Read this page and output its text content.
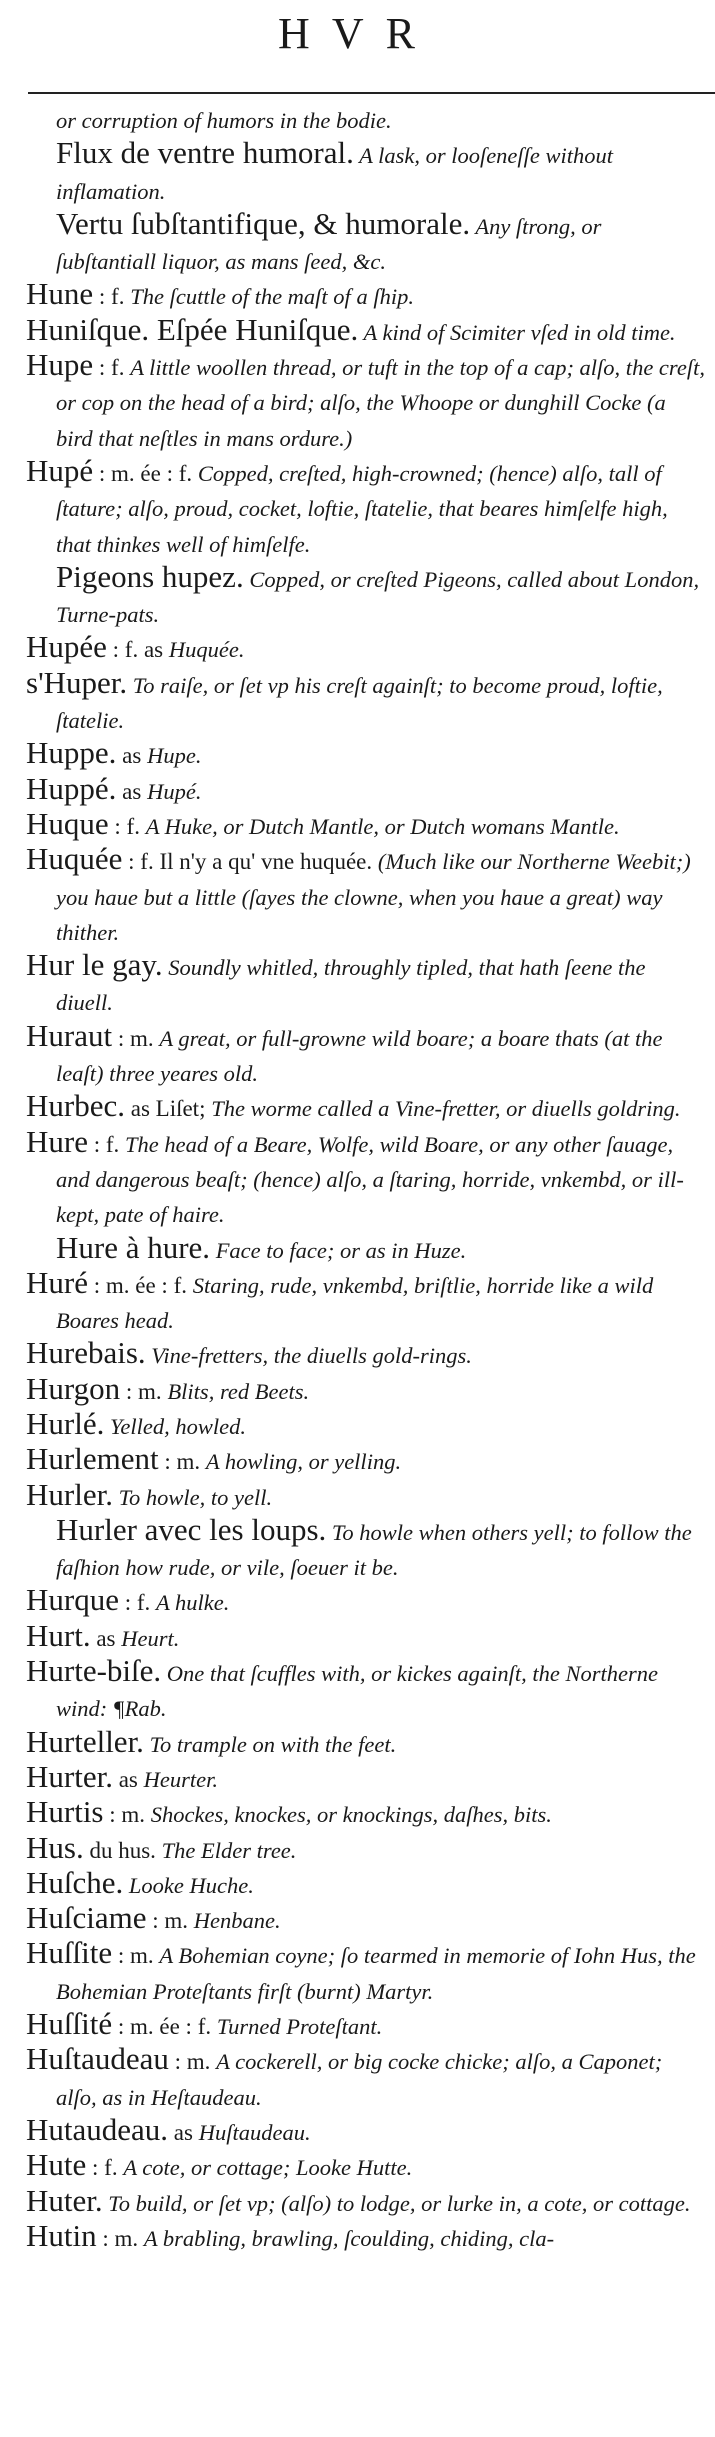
HVR

or corruption of humors in the bodie.

Flux de ventre humoral. A lask, or looſeneſſe without inflamation.

Vertu ſubſtantifique, & humorale. Any ſtrong, or ſubſtantiall liquor, as mans ſeed, &c.

Hune : f. The ſcuttle of the maſt of a ſhip.

Huniſque. Eſpée Huniſque. A kind of Scimiter vſed in old time.

Hupe : f. A little woollen thread, or tuft in the top of a cap; alſo, the creſt, or cop on the head of a bird; alſo, the Whoope or dunghill Cocke (a bird that neſtles in mans ordure.)

Hupé : m. ée : f. Copped, creſted, high-crowned; (hence) alſo, tall of ſtature; alſo, proud, cocket, loftie, ſtatelie, that beares himſelfe high, that thinkes well of himſelfe.

Pigeons hupez. Copped, or creſted Pigeons, called about London, Turne-pats.

Hupée : f. as Huquée.

s'Huper. To raiſe, or ſet vp his creſt againſt; to become proud, loftie, ſtatelie.

Huppe. as Hupe.

Huppé. as Hupé.

Huque : f. A Huke, or Dutch Mantle, or Dutch womans Mantle.

Huquée : f. Il n'y a qu' vne huquée. (Much like our Northerne Weebit;) you haue but a little (ſayes the clowne, when you haue a great) way thither.

Hur le gay. Soundly whitled, throughly tipled, that hath ſeene the diuell.

Huraut : m. A great, or full-growne wild boare; a boare thats (at the leaſt) three yeares old.

Hurbec. as Liſet; The worme called a Vine-fretter, or diuells goldring.

Hure : f. The head of a Beare, Wolfe, wild Boare, or any other ſauage, and dangerous beaſt; (hence) alſo, a ſtaring, horride, vnkembd, or ill-kept, pate of haire.

Hure à hure. Face to face; or as in Huze.

Huré : m. ée : f. Staring, rude, vnkembd, briſtlie, horride like a wild Boares head.

Hurebais. Vine-fretters, the diuells gold-rings.

Hurgon : m. Blits, red Beets.

Hurlé. Yelled, howled.

Hurlement : m. A howling, or yelling.

Hurler. To howle, to yell.

Hurler avec les loups. To howle when others yell; to follow the faſhion how rude, or vile, ſoeuer it be.

Hurque : f. A hulke.

Hurt. as Heurt.

Hurte-biſe. One that ſcuffles with, or kickes againſt, the Northerne wind: ¶Rab.

Hurteller. To trample on with the feet.

Hurter. as Heurter.

Hurtis : m. Shockes, knockes, or knockings, daſhes, bits.

Hus. du hus. The Elder tree.

Huſche. Looke Huche.

Huſciame : m. Henbane.

Huſſite : m. A Bohemian coyne; ſo tearmed in memorie of Iohn Hus, the Bohemian Proteſtants firſt (burnt) Martyr.

Huſſité : m. ée : f. Turned Proteſtant.

Huſtaudeau : m. A cockerell, or big cocke chicke; alſo, a Caponet; alſo, as in Heſtaudeau.

Hutaudeau. as Huſtaudeau.

Hute : f. A cote, or cottage; Looke Hutte.

Huter. To build, or ſet vp; (alſo) to lodge, or lurke in, a cote, or cottage.

Hutin : m. A brabling, brawling, ſcoulding, chiding, cla-
